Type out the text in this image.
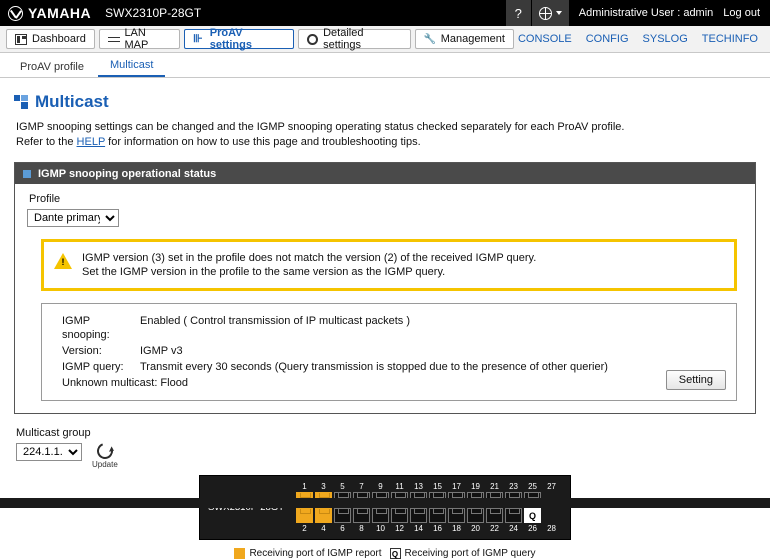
YAMAHA SWX2310P-28GT	?	Administrative User : admin Log out
Dashboard	LAN MAP
⊪ ProAV settings
Detailed settings	🔧 Management CONSOLE CONFIG SYSLOG TECHINFO
ProAV profile	Multicast
Multicast
IGMP snooping settings can be changed and the IGMP snooping operating status checked separately for each ProAV profile.
Refer to the HELP for information on how to use this page and troubleshooting tips.
IGMP snooping operational status
Profile
Dante primary
! IGMP version (3) set in the profile does not match the version (2) of the received IGMP query.
Set the IGMP version in the profile to the same version as the IGMP query.
IGMP snooping:	Enabled ( Control transmission of IP multicast packets )
Version:	IGMP v3
IGMP query:	Transmit every 30 seconds (Query transmission is stopped due to the presence of other querier)
Unknown multicast: Flood		Setting
Multicast group
224.1.1.1
Update
1	3	5	7	9	11	13	15	17	19	21	23	25	27
Q
2	4	6	8	10	12	14	16	18	20	22	24	26	28
Receiving port of IGMP report Q Receiving port of IGMP query
